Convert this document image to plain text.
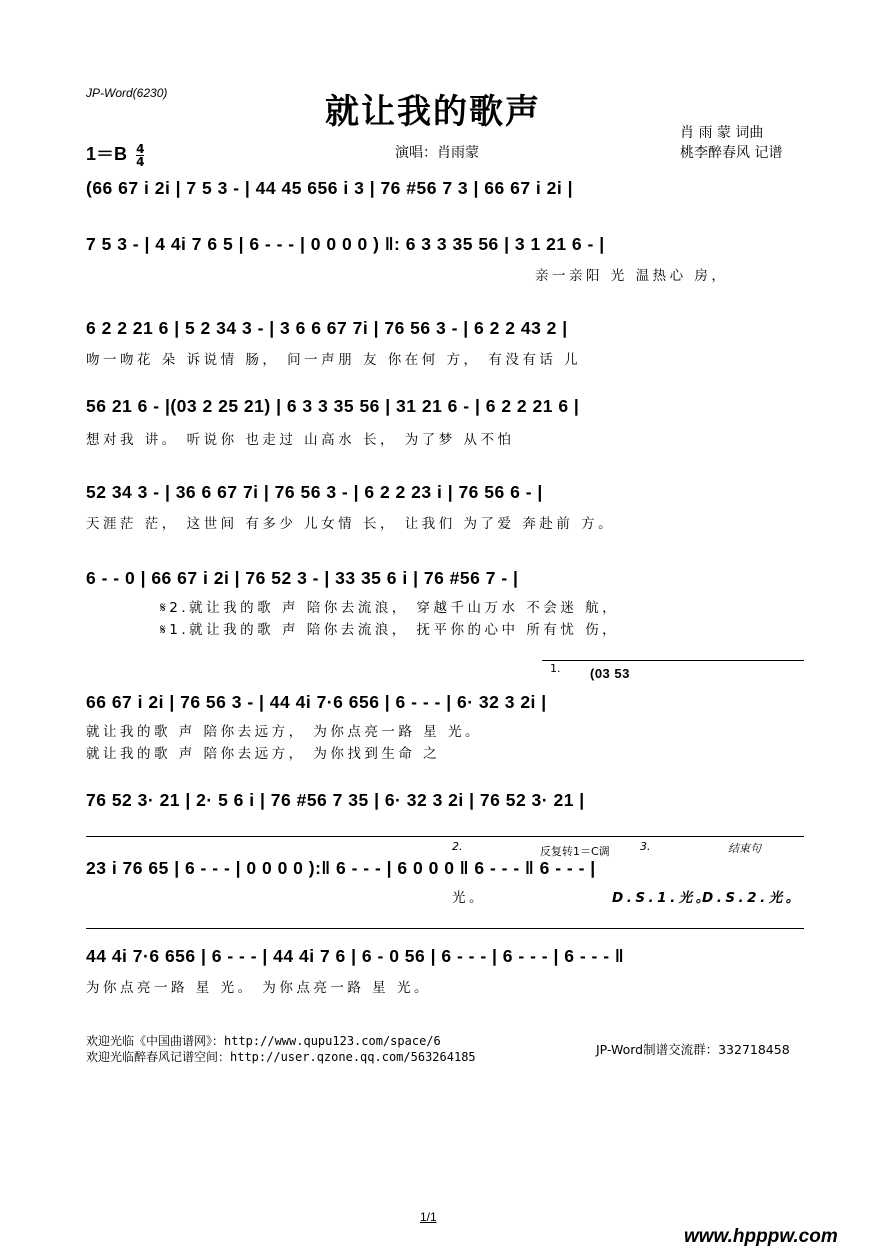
JP-Word(6230)	就让我的歌声
肖 雨 蒙 词曲
桃李醉春风 记谱
演唱：肖雨蒙
$1=B \frac{4}{4}$
(66 67 i 2i | 7 5 3 - | 44 45 656 i 3 | 76 #56 7 3 | 66 67 i 2i |
7 5 3 - | 4 4i 7 6 5 | 6 - - - | 0 0 0 0 ) ‖: 6 3 3 35 56 | 3 1 21 6 - |
亲一亲阳 光 温热心 房，
6 2 2 21 6 | 5 2 34 3 - | 3 6 6 67 7i | 76 56 3 - | 6 2 2 43 2 |
吻一吻花 朵 诉说情 肠， 问一声朋 友 你在何 方， 有没有话 儿
56 21 6 - |(03 2 25 21) | 6 3 3 35 56 | 31 21 6 - | 6 2 2 21 6 |
想对我 讲。 听说你 也走过 山高水 长， 为了梦 从不怕
52 34 3 - | 36 6 67 7i | 76 56 3 - | 6 2 2 23 i | 76 56 6 - |
天涯茫 茫， 这世间 有多少 儿女情 长， 让我们 为了爱 奔赴前 方。
6 - - 0 | 66 67 i 2i | 76 52 3 - | 33 35 6 i | 76 #56 7 - |
𝄋2.就让我的歌 声 陪你去流浪， 穿越千山万水 不会迷 航，
𝄋1.就让我的歌 声 陪你去流浪， 抚平你的心中 所有忧 伤，
1. (03 53
66 67 i 2i | 76 56 3 - | 44 4i 7·6 656 | 6 - - - | 6· 32 3 2i |
就让我的歌 声 陪你去远方， 为你点亮一路 星 光。
就让我的歌 声 陪你去远方， 为你找到生命 之
76 52 3· 21 | 2· 5 6 i | 76 #56 7 35 | 6· 32 3 2i | 76 52 3· 21 |
2.	反复转1＝C调	3.	结束句
23 i 76 65 | 6 - - - | 0 0 0 0 ):‖ 6 - - - | 6 0 0 0 ‖ 6 - - - ‖ 6 - - - |
光。	D.S.1.光。
D.S.2.光。
44 4i 7·6 656 | 6 - - - | 44 4i 7 6 | 6 - 0 56 | 6 - - - | 6 - - - | 6 - - - ‖
为你点亮一路 星 光。 为你点亮一路 星 光。
欢迎光临《中国曲谱网》：http://www.qupu123.com/space/6
欢迎光临醉春风记谱空间：http://user.qzone.qq.com/563264185	JP-Word制谱交流群：332718458
1/1
www.hpppw.com
